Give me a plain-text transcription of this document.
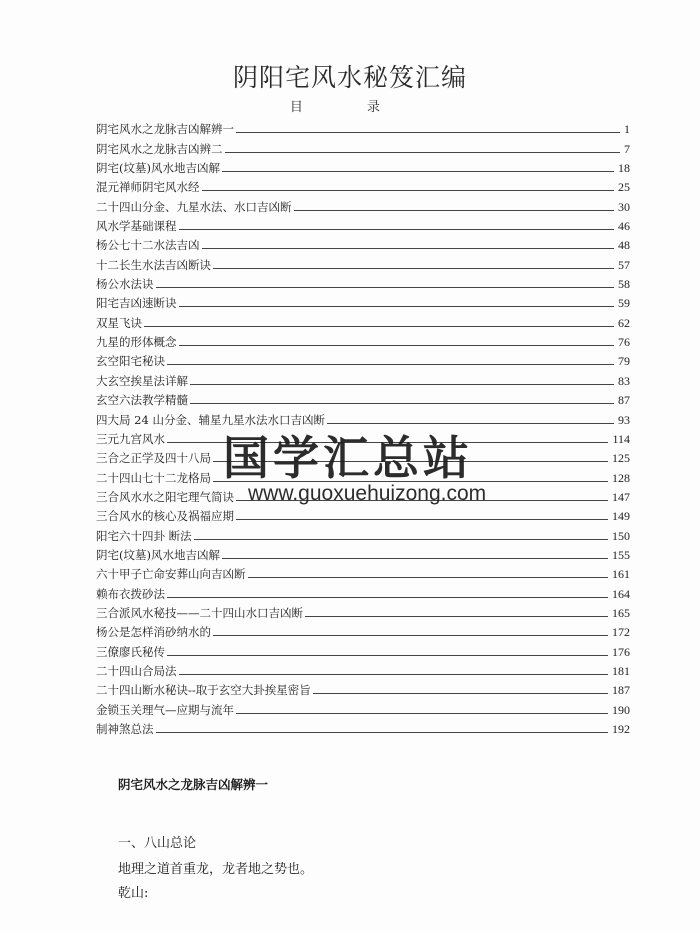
阴阳宅风水秘笈汇编
目 录
阴宅风水之龙脉吉凶解辨一	1
阴宅风水之龙脉吉凶辨二	7
阴宅(坟墓)风水地吉凶解	18
混元禅师阴宅风水经	25
二十四山分金、九星水法、水口吉凶断	30
风水学基础课程	46
杨公七十二水法吉凶	48
十二长生水法吉凶断诀	57
杨公水法诀	58
阳宅吉凶速断诀	59
双星飞诀	62
九星的形体概念	76
玄空阳宅秘诀	79
大玄空挨星法详解	83
玄空六法教学精髓	87
四大局 24 山分金、辅星九星水法水口吉凶断	93
三元九宫风水	114
三合之正学及四十八局	125
二十四山七十二龙格局	128
三合风水水之阳宅理气简诀	147
三合风水的核心及祸福应期	149
阳宅六十四卦 断法	150
阴宅(坟墓)风水地吉凶解	155
六十甲子亡命安葬山向吉凶断	161
赖布衣拨砂法	164
三合派风水秘技——二十四山水口吉凶断	165
杨公是怎样消砂纳水的	172
三僚廖氏秘传	176
二十四山合局法	181
二十四山断水秘诀--取于玄空大卦挨星密旨	187
金锁玉关理气—应期与流年	190
制神煞总法	192
国学汇总站
www.guoxuehuizong.com
阴宅风水之龙脉吉凶解辨一
一、八山总论
地理之道首重龙，龙者地之势也。
乾山:
